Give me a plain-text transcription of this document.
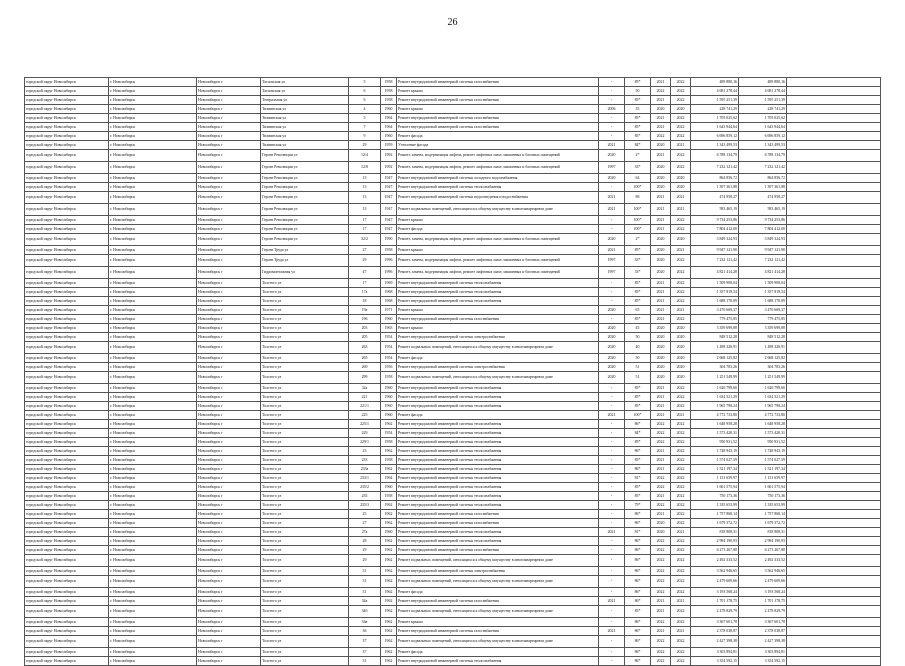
26
городской округ Новосибирск	г. Новосибирск	Новосибирск г	Тагильская ул	5	1958	Ремонт внутридомовой инженерной системы газоснабжения	-	85*	2021	2022	489 880,16	489 880,16	
городской округ Новосибирск	г. Новосибирск	Новосибирск г	Тагильская ул	6	1958	Ремонт крыши	-	50	2022	2022	4 681 278,44	4 681 278,44	
городской округ Новосибирск	г. Новосибирск	Новосибирск г	Театральная ул	6	1958	Ремонт внутридомовой инженерной системы газоснабжения	-	85*	2021	2022	1 595 251,39	1 595 251,39	
городской округ Новосибирск	г. Новосибирск	Новосибирск г	Тихвинская ул	4	1960	Ремонт крыши	2006	35	2020	2020	228 741,29	228 741,29	
городской округ Новосибирск	г. Новосибирск	Новосибирск г	Тихвинская ул	5	1964	Ремонт внутридомовой инженерной системы газоснабжения	-	85*	2021	2022	1 705 025,62	1 705 025,62	
городской округ Новосибирск	г. Новосибирск	Новосибирск г	Тихвинская ул	7	1964	Ремонт внутридомовой инженерной системы газоснабжения	-	85*	2021	2022	1 643 944,64	1 643 944,64	
городской округ Новосибирск	г. Новосибирск	Новосибирск г	Тихвинская ул	9	1960	Ремонт фасада	-	85*	2022	2022	6 696 859,12	6 696 859,12	
городской округ Новосибирск	г. Новосибирск	Новосибирск г	Тихвинская ул	29	1959	Утепление фасада	2021	84*	2020	2021	1 343 499,53	1 343 499,53	
городской округ Новосибирск	г. Новосибирск	Новосибирск г	Героев Революции ул	12/4	1992	Ремонт, замена, модернизация лифтов, ремонт лифтовых шахт, машинных и блочных помещений	2020	2*	2021	2022	6 788 134,79	6 788 134,79	
городской округ Новосибирск	г. Новосибирск	Новосибирск г	Героев Революции ул	12/8	1992	Ремонт, замена, модернизация лифтов, ремонт лифтовых шахт, машинных и блочных помещений	1997	33*	2020	2022	7 232 121,42	7 232 121,42	
городской округ Новосибирск	г. Новосибирск	Новосибирск г	Героев Революции ул	13	1947	Ремонт внутридомовой инженерной системы холодного водоснабжения	2020	64	2020	2020	864 856,72	864 856,72	
городской округ Новосибирск	г. Новосибирск	Новосибирск г	Героев Революции ул	13	1947	Ремонт внутридомовой инженерной системы теплоснабжения	-	100*	2020	2020	1 397 361,88	1 397 361,88	
городской округ Новосибирск	г. Новосибирск	Новосибирск г	Героев Революции ул	13	1947	Ремонт внутридомовой инженерной системы водоотведения и водоснабжения	2021	86	2021	2021	474 958,27	474 958,27	
городской округ Новосибирск	г. Новосибирск	Новосибирск г	Героев Революции ул	13	1947	Ремонт подвальных помещений, относящихся к общему имуществу в многоквартирном доме	2021	100*	2021	2021	583 465,19	583 465,19	
городской округ Новосибирск	г. Новосибирск	Новосибирск г	Героев Революции ул	17	1947	Ремонт крыши	-	100*	2021	2022	9 734 253,86	9 734 253,86	
городской округ Новосибирск	г. Новосибирск	Новосибирск г	Героев Революции ул	17	1947	Ремонт фасада	-	100*	2021	2022	7 804 412,00	7 804 412,00	
городской округ Новосибирск	г. Новосибирск	Новосибирск г	Героев Революции ул	32/2	1990	Ремонт, замена, модернизация лифтов, ремонт лифтовых шахт, машинных и блочных помещений	2020	2*	2020	2020	3 849 324,93	3 849 324,93	
городской округ Новосибирск	г. Новосибирск	Новосибирск г	Героев Труда ул	27	1958	Ремонт крыши	2021	85*	2020	2021	9 947 121,90	9 947 121,90	
городской округ Новосибирск	г. Новосибирск	Новосибирск г	Героев Труда ул	29	1996	Ремонт, замена, модернизация лифтов, ремонт лифтовых шахт, машинных и блочных помещений	1997	33*	2020	2022	7 232 121,42	7 232 121,42	
городской округ Новосибирск	г. Новосибирск	Новосибирск г	Гидромонтажная ул	47	1996	Ремонт, замена, модернизация лифтов, ремонт лифтовых шахт, машинных и блочных помещений	1997	33*	2020	2022	4 821 414,28	4 821 414,28	
городской округ Новосибирск	г. Новосибирск	Новосибирск г	Толстого ул	17	1969	Ремонт внутридомовой инженерной системы теплоснабжения	-	85*	2021	2022	1 509 908,04	1 509 908,04	
городской округ Новосибирск	г. Новосибирск	Новосибирск г	Толстого ул	17а	1968	Ремонт внутридомовой инженерной системы теплоснабжения	-	85*	2021	2022	1 357 819,54	1 357 819,54	
городской округ Новосибирск	г. Новосибирск	Новосибирск г	Толстого ул	18	1968	Ремонт внутридомовой инженерной системы теплоснабжения	-	85*	2021	2022	1 688 170,09	1 688 170,09	
городской округ Новосибирск	г. Новосибирск	Новосибирск г	Толстого ул	19а	1971	Ремонт крыши	2020	65	2021	2021	3 476 669,37	3 476 669,37	
городской округ Новосибирск	г. Новосибирск	Новосибирск г	Толстого ул	196	1960	Ремонт внутридомовой инженерной системы газоснабжения	-	85*	2021	2022	779 475,85	779 475,85	
городской округ Новосибирск	г. Новосибирск	Новосибирск г	Толстого ул	203	1963	Ремонт крыши	2020	45	2020	2020	3 359 699,88	3 359 699,88	
городской округ Новосибирск	г. Новосибирск	Новосибирск г	Толстого ул	205	1954	Ремонт внутридомовой инженерной системы электроснабжения	2020	50	2020	2020	848 512,28	848 512,28	
городской округ Новосибирск	г. Новосибирск	Новосибирск г	Толстого ул	263	1954	Ремонт подвальных помещений, относящихся к общему имуществу в многоквартирном доме	2020	40	2020	2020	1 498 326,91	1 498 326,91	
городской округ Новосибирск	г. Новосибирск	Новосибирск г	Толстого ул	265	1954	Ремонт фасада	2020	50	2020	2020	2 668 125,82	2 668 125,82	
городской округ Новосибирск	г. Новосибирск	Новосибирск г	Толстого ул	269	1956	Ремонт внутридомовой инженерной системы электроснабжения	2020	51	2020	2020	304 783,26	304 783,26	
городской округ Новосибирск	г. Новосибирск	Новосибирск г	Толстого ул	299	1958	Ремонт подвальных помещений, относящихся к общему имуществу в многоквартирном доме	2020	51	2020	2020	1 251 549,99	1 251 549,99	
городской округ Новосибирск	г. Новосибирск	Новосибирск г	Толстого ул	32а	1960	Ремонт внутридомовой инженерной системы теплоснабжения	-	85*	2021	2022	1 620 799,60	1 620 799,60	
городской округ Новосибирск	г. Новосибирск	Новосибирск г	Толстого ул	221	1960	Ремонт внутридомовой инженерной системы теплоснабжения	-	85*	2021	2022	1 634 521,29	1 634 521,29	
городской округ Новосибирск	г. Новосибирск	Новосибирск г	Толстого ул	221/1	1960	Ремонт внутридомовой инженерной системы теплоснабжения	-	85*	2021	2022	1 965 798,24	1 965 798,24	
городской округ Новосибирск	г. Новосибирск	Новосибирск г	Толстого ул	225	1960	Ремонт фасада	2021	100*	2021	2021	4 772 733,80	4 772 733,80	
городской округ Новосибирск	г. Новосибирск	Новосибирск г	Толстого ул	225/1	1962	Ремонт внутридомовой инженерной системы теплоснабжения	-	86*	2022	2022	1 648 958,28	1 648 958,28	
городской округ Новосибирск	г. Новосибирск	Новосибирск г	Толстого ул	229	1954	Ремонт внутридомовой инженерной системы теплоснабжения	-	84*	2022	2022	1 573 420,31	1 573 420,31	
городской округ Новосибирск	г. Новосибирск	Новосибирск г	Толстого ул	229/1	1958	Ремонт внутридомовой инженерной системы теплоснабжения	-	85*	2022	2022	950 931,52	950 931,52	
городской округ Новосибирск	г. Новосибирск	Новосибирск г	Толстого ул	23	1962	Ремонт внутридомовой инженерной системы теплоснабжения	-	86*	2021	2022	1 748 943,19	1 748 943,19	
городской округ Новосибирск	г. Новосибирск	Новосибирск г	Толстого ул	233	1958	Ремонт внутридомовой инженерной системы теплоснабжения	-	85*	2021	2022	1 574 027,59	1 574 027,59	
городской округ Новосибирск	г. Новосибирск	Новосибирск г	Толстого ул	233а	1962	Ремонт внутридомовой инженерной системы теплоснабжения	-	86*	2021	2022	1 521 197,34	1 521 197,34	
городской округ Новосибирск	г. Новосибирск	Новосибирск г	Толстого ул	233/1	1964	Ремонт внутридомовой инженерной системы теплоснабжения	-	81*	2022	2022	1 131 659,97	1 131 659,97	
городской округ Новосибирск	г. Новосибирск	Новосибирск г	Толстого ул	235/2	1960	Ремонт внутридомовой инженерной системы теплоснабжения	-	85*	2022	2022	1 601 575,94	1 601 575,94	
городской округ Новосибирск	г. Новосибирск	Новосибирск г	Толстого ул	235	1958	Ремонт внутридомовой инженерной системы теплоснабжения	-	85*	2021	2022	750 173,36	750 173,36	
городской округ Новосибирск	г. Новосибирск	Новосибирск г	Толстого ул	235/3	1962	Ремонт внутридомовой инженерной системы теплоснабжения	-	79*	2022	2022	1 335 653,99	1 335 653,99	
городской округ Новосибирск	г. Новосибирск	Новосибирск г	Толстого ул	25	1962	Ремонт внутридомовой инженерной системы газоснабжения	-	86*	2021	2022	1 757 868,14	1 757 868,14	
городской округ Новосибирск	г. Новосибирск	Новосибирск г	Толстого ул	27	1962	Ремонт внутридомовой инженерной системы газоснабжения	-	86*	2020	2022	1 679 372,72	1 679 372,72	
городской округ Новосибирск	г. Новосибирск	Новосибирск г	Толстого ул	27а	1960	Ремонт внутридомовой инженерной системы теплоснабжения	2021	81*	2020	2021	818 908,31	818 908,31	
городской округ Новосибирск	г. Новосибирск	Новосибирск г	Толстого ул	28	1962	Ремонт внутридомовой инженерной системы теплоснабжения	-	86*	2022	2022	2 994 190,93	2 994 190,93	
городской округ Новосибирск	г. Новосибирск	Новосибирск г	Толстого ул	29	1962	Ремонт внутридомовой инженерной системы газоснабжения	-	86*	2022	2022	6 273 267,80	6 273 267,80	
городской округ Новосибирск	г. Новосибирск	Новосибирск г	Толстого ул	29	1962	Ремонт подвальных помещений, относящихся к общему имуществу в многоквартирном доме	-	86*	2022	2022	2 492 333,52	2 492 333,52	
городской округ Новосибирск	г. Новосибирск	Новосибирск г	Толстого ул	31	1962	Ремонт внутридомовой инженерной системы электроснабжения	-	86*	2022	2022	3 562 946,65	3 562 946,65	
городской округ Новосибирск	г. Новосибирск	Новосибирск г	Толстого ул	31	1962	Ремонт подвальных помещений, относящихся к общему имуществу в многоквартирном доме	-	86*	2022	2022	2 479 609,66	2 479 609,66	
городской округ Новосибирск	г. Новосибирск	Новосибирск г	Толстого ул	31	1962	Ремонт фасада	-	86*	2022	2022	3 193 568,24	3 193 568,24	
городской округ Новосибирск	г. Новосибирск	Новосибирск г	Толстого ул	34а	1962	Ремонт внутридомовой инженерной системы газоснабжения	2021	86*	2021	2021	1 701 178,75	1 701 178,75	
городской округ Новосибирск	г. Новосибирск	Новосибирск г	Толстого ул	34б	1962	Ремонт подвальных помещений, относящихся к общему имуществу в многоквартирном доме	-	85*	2021	2022	2 478 829,79	2 478 829,79	
городской округ Новосибирск	г. Новосибирск	Новосибирск г	Толстого ул	34в	1962	Ремонт крыши	-	86*	2022	2022	3 367 601,78	3 367 601,78	
городской округ Новосибирск	г. Новосибирск	Новосибирск г	Толстого ул	36	1962	Ремонт внутридомовой инженерной системы газоснабжения	2021	86*	2021	2021	2 378 038,87	2 378 038,87	
городской округ Новосибирск	г. Новосибирск	Новосибирск г	Толстого ул	37	1962	Ремонт подвальных помещений, относящихся к общему имуществу в многоквартирном доме	-	86*	2022	2022	2 427 398,38	2 427 398,38	
городской округ Новосибирск	г. Новосибирск	Новосибирск г	Толстого ул	37	1962	Ремонт фасада	-	86*	2022	2022	3 303 894,81	3 303 894,81	
городской округ Новосибирск	г. Новосибирск	Новосибирск г	Толстого ул	31	1962	Ремонт внутридомовой инженерной системы теплоснабжения	-	86*	2022	2022	3 354 592,15	3 354 592,15	
